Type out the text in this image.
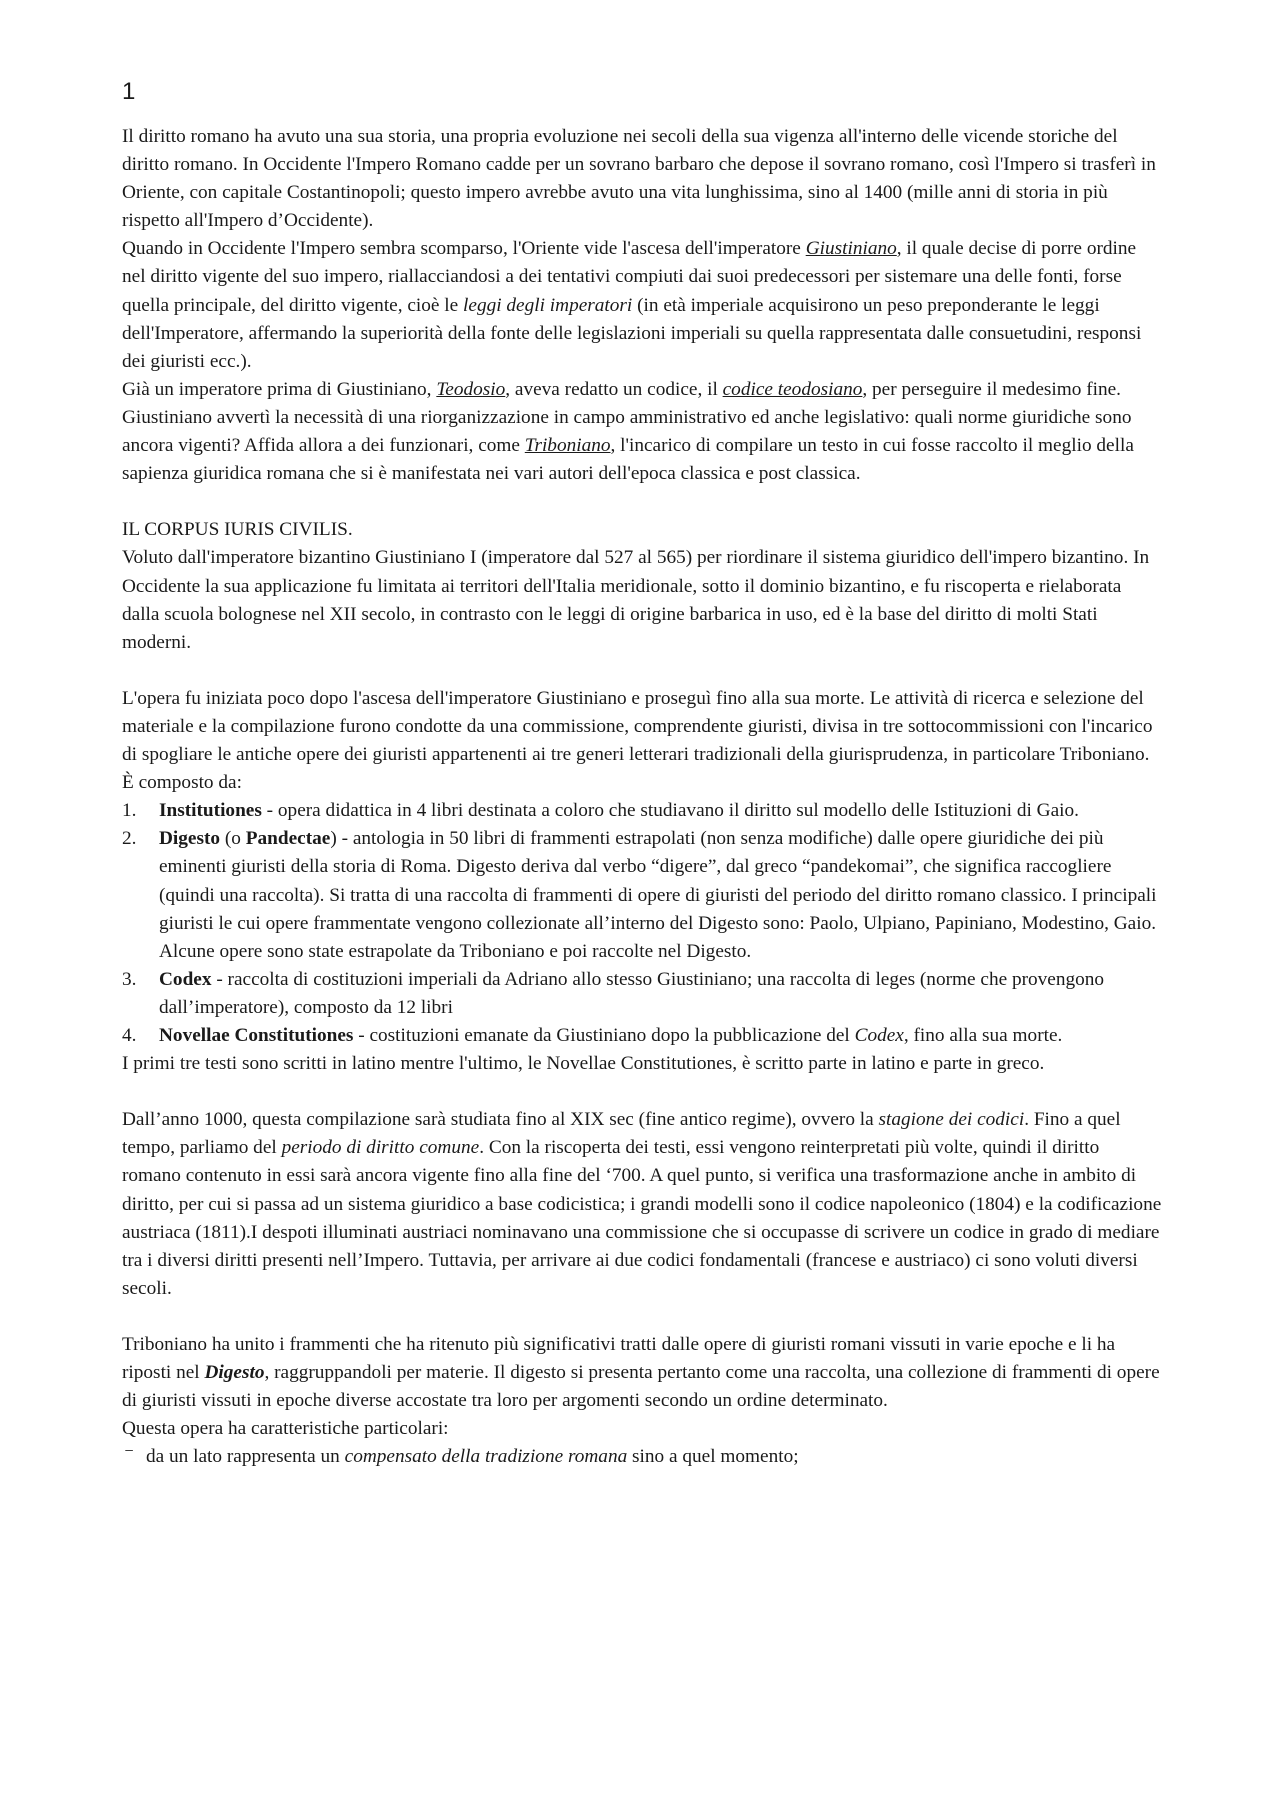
1

Il diritto romano ha avuto una sua storia, una propria evoluzione nei secoli della sua vigenza all'interno delle vicende storiche del diritto romano. In Occidente l'Impero Romano cadde per un sovrano barbaro che depose il sovrano romano, così l'Impero si trasferì in Oriente, con capitale Costantinopoli; questo impero avrebbe avuto una vita lunghissima, sino al 1400 (mille anni di storia in più rispetto all'Impero d’Occidente).

Quando in Occidente l'Impero sembra scomparso, l'Oriente vide l'ascesa dell'imperatore Giustiniano, il quale decise di porre ordine nel diritto vigente del suo impero, riallacciandosi a dei tentativi compiuti dai suoi predecessori per sistemare una delle fonti, forse quella principale, del diritto vigente, cioè le leggi degli imperatori (in età imperiale acquisirono un peso preponderante le leggi dell'Imperatore, affermando la superiorità della fonte delle legislazioni imperiali su quella rappresentata dalle consuetudini, responsi dei giuristi ecc.).

Già un imperatore prima di Giustiniano, Teodosio, aveva redatto un codice, il codice teodosiano, per perseguire il medesimo fine. Giustiniano avvertì la necessità di una riorganizzazione in campo amministrativo ed anche legislativo: quali norme giuridiche sono ancora vigenti? Affida allora a dei funzionari, come Triboniano, l'incarico di compilare un testo in cui fosse raccolto il meglio della sapienza giuridica romana che si è manifestata nei vari autori dell'epoca classica e post classica.

IL CORPUS IURIS CIVILIS.

Voluto dall'imperatore bizantino Giustiniano I (imperatore dal 527 al 565) per riordinare il sistema giuridico dell'impero bizantino. In Occidente la sua applicazione fu limitata ai territori dell'Italia meridionale, sotto il dominio bizantino, e fu riscoperta e rielaborata dalla scuola bolognese nel XII secolo, in contrasto con le leggi di origine barbarica in uso, ed è la base del diritto di molti Stati moderni.

L'opera fu iniziata poco dopo l'ascesa dell'imperatore Giustiniano e proseguì fino alla sua morte. Le attività di ricerca e selezione del materiale e la compilazione furono condotte da una commissione, comprendente giuristi, divisa in tre sottocommissioni con l'incarico di spogliare le antiche opere dei giuristi appartenenti ai tre generi letterari tradizionali della giurisprudenza, in particolare Triboniano.

È composto da:

1. Institutiones - opera didattica in 4 libri destinata a coloro che studiavano il diritto sul modello delle Istituzioni di Gaio.
2. Digesto (o Pandectae) - antologia in 50 libri di frammenti estrapolati (non senza modifiche) dalle opere giuridiche dei più eminenti giuristi della storia di Roma. Digesto deriva dal verbo “digere”, dal greco “pandekomai”, che significa raccogliere (quindi una raccolta). Si tratta di una raccolta di frammenti di opere di giuristi del periodo del diritto romano classico. I principali giuristi le cui opere frammentate vengono collezionate all’interno del Digesto sono: Paolo, Ulpiano, Papiniano, Modestino, Gaio. Alcune opere sono state estrapolate da Triboniano e poi raccolte nel Digesto.
3. Codex - raccolta di costituzioni imperiali da Adriano allo stesso Giustiniano; una raccolta di leges (norme che provengono dall’imperatore), composto da 12 libri
4. Novellae Constitutiones - costituzioni emanate da Giustiniano dopo la pubblicazione del Codex, fino alla sua morte.

I primi tre testi sono scritti in latino mentre l'ultimo, le Novellae Constitutiones, è scritto parte in latino e parte in greco.

Dall’anno 1000, questa compilazione sarà studiata fino al XIX sec (fine antico regime), ovvero la stagione dei codici. Fino a quel tempo, parliamo del periodo di diritto comune. Con la riscoperta dei testi, essi vengono reinterpretati più volte, quindi il diritto romano contenuto in essi sarà ancora vigente fino alla fine del ‘700. A quel punto, si verifica una trasformazione anche in ambito di diritto, per cui si passa ad un sistema giuridico a base codicistica; i grandi modelli sono il codice napoleonico (1804) e la codificazione austriaca (1811).I despoti illuminati austriaci nominavano una commissione che si occupasse di scrivere un codice in grado di mediare tra i diversi diritti presenti nell’Impero. Tuttavia, per arrivare ai due codici fondamentali (francese e austriaco) ci sono voluti diversi secoli.

Triboniano ha unito i frammenti che ha ritenuto più significativi tratti dalle opere di giuristi romani vissuti in varie epoche e li ha riposti nel Digesto, raggruppandoli per materie. Il digesto si presenta pertanto come una raccolta, una collezione di frammenti di opere di giuristi vissuti in epoche diverse accostate tra loro per argomenti secondo un ordine determinato.

Questa opera ha caratteristiche particolari:

⁻ da un lato rappresenta un compensato della tradizione romana sino a quel momento;
